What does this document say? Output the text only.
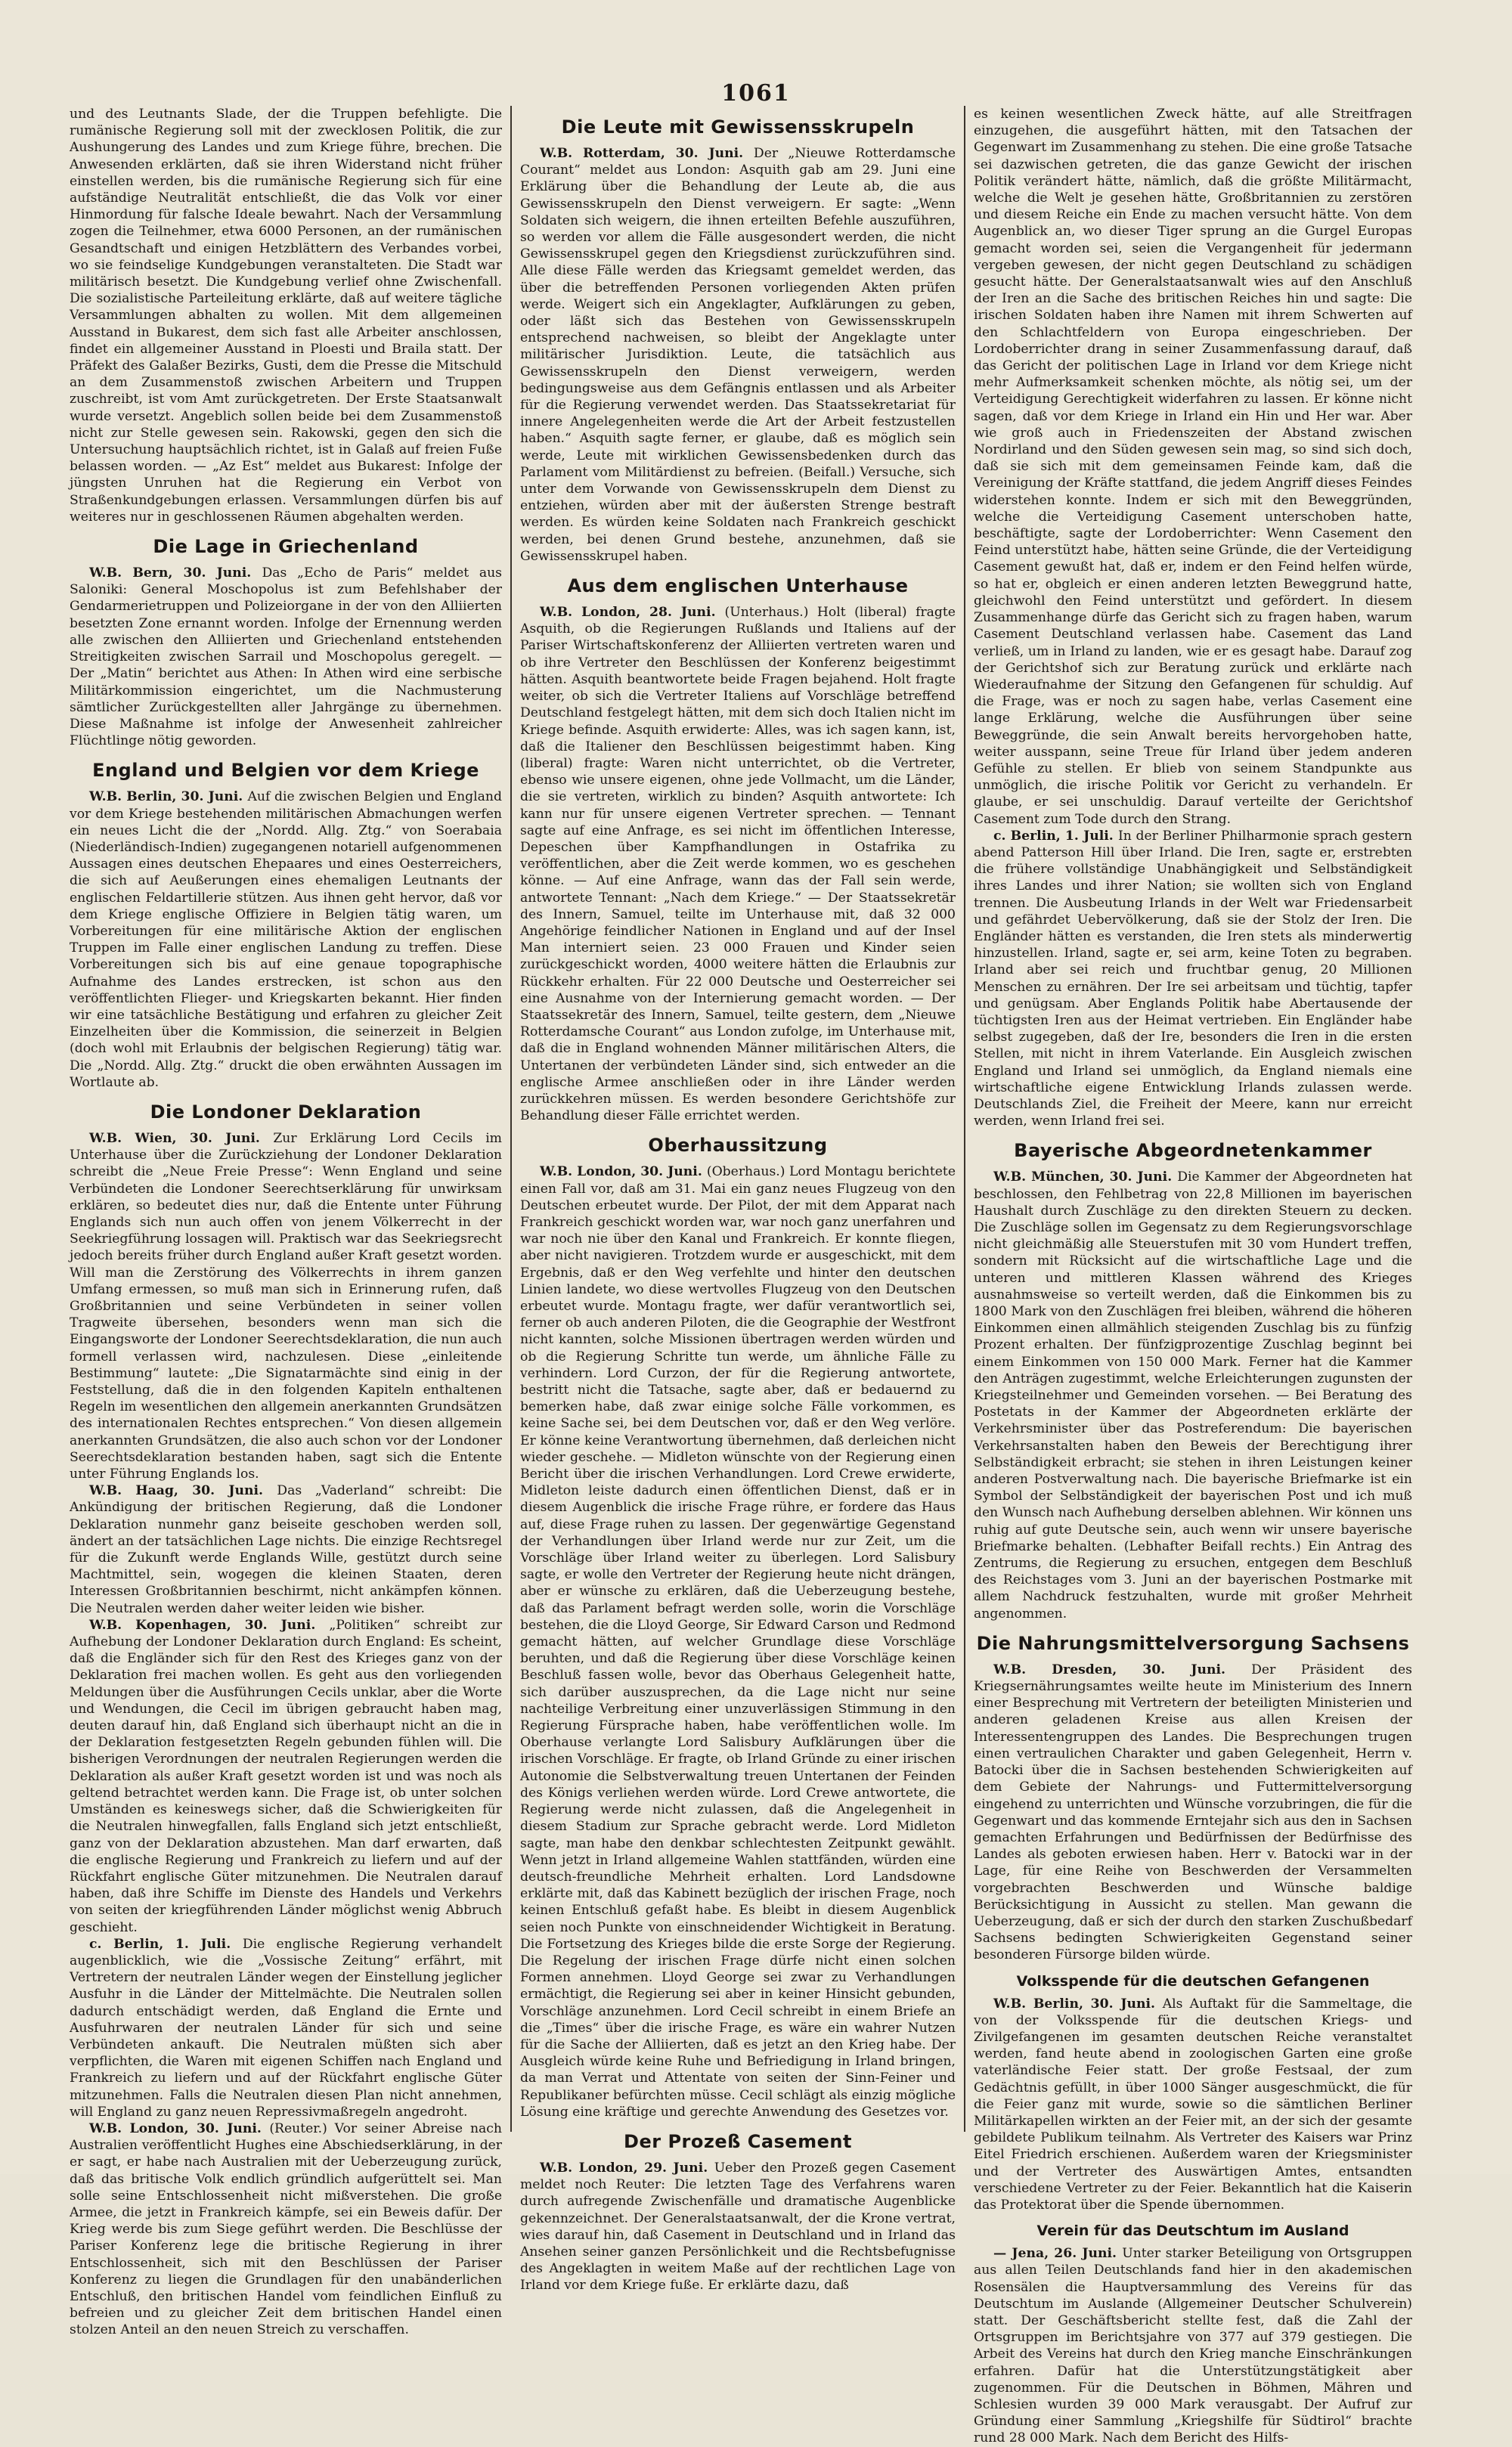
1061

und des Leutnants Slade, der die Truppen befehligte. Die rumänische Regierung soll mit der zwecklosen Politik, die zur Aushungerung des Landes und zum Kriege führe, brechen. Die Anwesenden erklärten, daß sie ihren Widerstand nicht früher einstellen werden, bis die rumänische Regierung sich für eine aufständige Neutralität entschließt, die das Volk vor einer Hinmordung für falsche Ideale bewahrt. Nach der Versammlung zogen die Teilnehmer, etwa 6000 Personen, an der rumänischen Gesandtschaft und einigen Hetzblättern des Verbandes vorbei, wo sie feindselige Kundgebungen veranstalteten. Die Stadt war militärisch besetzt. Die Kundgebung verlief ohne Zwischenfall. Die sozialistische Parteileitung erklärte, daß auf weitere tägliche Versammlungen abhalten zu wollen. Mit dem allgemeinen Ausstand in Bukarest, dem sich fast alle Arbeiter anschlossen, findet ein allgemeiner Ausstand in Ploesti und Braila statt. Der Präfekt des Galaßer Bezirks, Gusti, dem die Presse die Mitschuld an dem Zusammenstoß zwischen Arbeitern und Truppen zuschreibt, ist vom Amt zurückgetreten. Der Erste Staatsanwalt wurde versetzt. Angeblich sollen beide bei dem Zusammenstoß nicht zur Stelle gewesen sein. Rakowski, gegen den sich die Untersuchung hauptsächlich richtet, ist in Galaß auf freien Fuße belassen worden. — „Az Est“ meldet aus Bukarest: Infolge der jüngsten Unruhen hat die Regierung ein Verbot von Straßenkundgebungen erlassen. Versammlungen dürfen bis auf weiteres nur in geschlossenen Räumen abgehalten werden.

Die Lage in Griechenland

W.B. Bern, 30. Juni. Das „Echo de Paris“ meldet aus Saloniki: General Moschopolus ist zum Befehlshaber der Gendarmerietruppen und Polizeiorgane in der von den Alliierten besetzten Zone ernannt worden. Infolge der Ernennung werden alle zwischen den Alliierten und Griechenland entstehenden Streitigkeiten zwischen Sarrail und Moschopolus geregelt. — Der „Matin“ berichtet aus Athen: In Athen wird eine serbische Militärkommission eingerichtet, um die Nachmusterung sämtlicher Zurückgestellten aller Jahrgänge zu übernehmen. Diese Maßnahme ist infolge der Anwesenheit zahlreicher Flüchtlinge nötig geworden.

England und Belgien vor dem Kriege

W.B. Berlin, 30. Juni. Auf die zwischen Belgien und England vor dem Kriege bestehenden militärischen Abmachungen werfen ein neues Licht die der „Nordd. Allg. Ztg.“ von Soerabaia (Niederländisch-Indien) zugegangenen notariell aufgenommenen Aussagen eines deutschen Ehepaares und eines Oesterreichers, die sich auf Aeußerungen eines ehemaligen Leutnants der englischen Feldartillerie stützen. Aus ihnen geht hervor, daß vor dem Kriege englische Offiziere in Belgien tätig waren, um Vorbereitungen für eine militärische Aktion der englischen Truppen im Falle einer englischen Landung zu treffen. Diese Vorbereitungen sich bis auf eine genaue topographische Aufnahme des Landes erstrecken, ist schon aus den veröffentlichten Flieger- und Kriegskarten bekannt. Hier finden wir eine tatsächliche Bestätigung und erfahren zu gleicher Zeit Einzelheiten über die Kommission, die seinerzeit in Belgien (doch wohl mit Erlaubnis der belgischen Regierung) tätig war. Die „Nordd. Allg. Ztg.“ druckt die oben erwähnten Aussagen im Wortlaute ab.

Die Londoner Deklaration

W.B. Wien, 30. Juni. Zur Erklärung Lord Cecils im Unterhause über die Zurückziehung der Londoner Deklaration schreibt die „Neue Freie Presse“: Wenn England und seine Verbündeten die Londoner Seerechtserklärung für unwirksam erklären, so bedeutet dies nur, daß die Entente unter Führung Englands sich nun auch offen von jenem Völkerrecht in der Seekriegführung lossagen will. Praktisch war das Seekriegsrecht jedoch bereits früher durch England außer Kraft gesetzt worden. Will man die Zerstörung des Völkerrechts in ihrem ganzen Umfang ermessen, so muß man sich in Erinnerung rufen, daß Großbritannien und seine Verbündeten in seiner vollen Tragweite übersehen, besonders wenn man sich die Eingangsworte der Londoner Seerechtsdeklaration, die nun auch formell verlassen wird, nachzulesen. Diese „einleitende Bestimmung“ lautete: „Die Signatarmächte sind einig in der Feststellung, daß die in den folgenden Kapiteln enthaltenen Regeln im wesentlichen den allgemein anerkannten Grundsätzen des internationalen Rechtes entsprechen.“ Von diesen allgemein anerkannten Grundsätzen, die also auch schon vor der Londoner Seerechtsdeklaration bestanden haben, sagt sich die Entente unter Führung Englands los.

W.B. Haag, 30. Juni. Das „Vaderland“ schreibt: Die Ankündigung der britischen Regierung, daß die Londoner Deklaration nunmehr ganz beiseite geschoben werden soll, ändert an der tatsächlichen Lage nichts. Die einzige Rechtsregel für die Zukunft werde Englands Wille, gestützt durch seine Machtmittel, sein, wogegen die kleinen Staaten, deren Interessen Großbritannien beschirmt, nicht ankämpfen können. Die Neutralen werden daher weiter leiden wie bisher.

W.B. Kopenhagen, 30. Juni. „Politiken“ schreibt zur Aufhebung der Londoner Deklaration durch England: Es scheint, daß die Engländer sich für den Rest des Krieges ganz von der Deklaration frei machen wollen. Es geht aus den vorliegenden Meldungen über die Ausführungen Cecils unklar, aber die Worte und Wendungen, die Cecil im übrigen gebraucht haben mag, deuten darauf hin, daß England sich überhaupt nicht an die in der Deklaration festgesetzten Regeln gebunden fühlen will. Die bisherigen Verordnungen der neutralen Regierungen werden die Deklaration als außer Kraft gesetzt worden ist und was noch als geltend betrachtet werden kann. Die Frage ist, ob unter solchen Umständen es keineswegs sicher, daß die Schwierigkeiten für die Neutralen hinwegfallen, falls England sich jetzt entschließt, ganz von der Deklaration abzustehen. Man darf erwarten, daß die englische Regierung und Frankreich zu liefern und auf der Rückfahrt englische Güter mitzunehmen. Die Neutralen darauf haben, daß ihre Schiffe im Dienste des Handels und Verkehrs von seiten der kriegführenden Länder möglichst wenig Abbruch geschieht.

c. Berlin, 1. Juli. Die englische Regierung verhandelt augenblicklich, wie die „Vossische Zeitung“ erfährt, mit Vertretern der neutralen Länder wegen der Einstellung jeglicher Ausfuhr in die Länder der Mittelmächte. Die Neutralen sollen dadurch entschädigt werden, daß England die Ernte und Ausfuhrwaren der neutralen Länder für sich und seine Verbündeten ankauft. Die Neutralen müßten sich aber verpflichten, die Waren mit eigenen Schiffen nach England und Frankreich zu liefern und auf der Rückfahrt englische Güter mitzunehmen. Falls die Neutralen diesen Plan nicht annehmen, will England zu ganz neuen Repressivmaßregeln angedroht.

W.B. London, 30. Juni. (Reuter.) Vor seiner Abreise nach Australien veröffentlicht Hughes eine Abschiedserklärung, in der er sagt, er habe nach Australien mit der Ueberzeugung zurück, daß das britische Volk endlich gründlich aufgerüttelt sei. Man solle seine Entschlossenheit nicht mißverstehen. Die große Armee, die jetzt in Frankreich kämpfe, sei ein Beweis dafür. Der Krieg werde bis zum Siege geführt werden. Die Beschlüsse der Pariser Konferenz lege die britische Regierung in ihrer Entschlossenheit, sich mit den Beschlüssen der Pariser Konferenz zu liegen die Grundlagen für den unabänderlichen Entschluß, den britischen Handel vom feindlichen Einfluß zu befreien und zu gleicher Zeit dem britischen Handel einen stolzen Anteil an den neuen Streich zu verschaffen.

Die Leute mit Gewissensskrupeln

W.B. Rotterdam, 30. Juni. Der „Nieuwe Rotterdamsche Courant“ meldet aus London: Asquith gab am 29. Juni eine Erklärung über die Behandlung der Leute ab, die aus Gewissensskrupeln den Dienst verweigern. Er sagte: „Wenn Soldaten sich weigern, die ihnen erteilten Befehle auszuführen, so werden vor allem die Fälle ausgesondert werden, die nicht Gewissensskrupel gegen den Kriegsdienst zurückzuführen sind. Alle diese Fälle werden das Kriegsamt gemeldet werden, das über die betreffenden Personen vorliegenden Akten prüfen werde. Weigert sich ein Angeklagter, Aufklärungen zu geben, oder läßt sich das Bestehen von Gewissensskrupeln entsprechend nachweisen, so bleibt der Angeklagte unter militärischer Jurisdiktion. Leute, die tatsächlich aus Gewissensskrupeln den Dienst verweigern, werden bedingungsweise aus dem Gefängnis entlassen und als Arbeiter für die Regierung verwendet werden. Das Staatssekretariat für innere Angelegenheiten werde die Art der Arbeit festzustellen haben.“ Asquith sagte ferner, er glaube, daß es möglich sein werde, Leute mit wirklichen Gewissensbedenken durch das Parlament vom Militärdienst zu befreien. (Beifall.) Versuche, sich unter dem Vorwande von Gewissensskrupeln dem Dienst zu entziehen, würden aber mit der äußersten Strenge bestraft werden. Es würden keine Soldaten nach Frankreich geschickt werden, bei denen Grund bestehe, anzunehmen, daß sie Gewissensskrupel haben.

Aus dem englischen Unterhause

W.B. London, 28. Juni. (Unterhaus.) Holt (liberal) fragte Asquith, ob die Regierungen Rußlands und Italiens auf der Pariser Wirtschaftskonferenz der Alliierten vertreten waren und ob ihre Vertreter den Beschlüssen der Konferenz beigestimmt hätten. Asquith beantwortete beide Fragen bejahend. Holt fragte weiter, ob sich die Vertreter Italiens auf Vorschläge betreffend Deutschland festgelegt hätten, mit dem sich doch Italien nicht im Kriege befinde. Asquith erwiderte: Alles, was ich sagen kann, ist, daß die Italiener den Beschlüssen beigestimmt haben. King (liberal) fragte: Waren nicht unterrichtet, ob die Vertreter, ebenso wie unsere eigenen, ohne jede Vollmacht, um die Länder, die sie vertreten, wirklich zu binden? Asquith antwortete: Ich kann nur für unsere eigenen Vertreter sprechen. — Tennant sagte auf eine Anfrage, es sei nicht im öffentlichen Interesse, Depeschen über Kampfhandlungen in Ostafrika zu veröffentlichen, aber die Zeit werde kommen, wo es geschehen könne. — Auf eine Anfrage, wann das der Fall sein werde, antwortete Tennant: „Nach dem Kriege.“ — Der Staatssekretär des Innern, Samuel, teilte im Unterhause mit, daß 32 000 Angehörige feindlicher Nationen in England und auf der Insel Man interniert seien. 23 000 Frauen und Kinder seien zurückgeschickt worden, 4000 weitere hätten die Erlaubnis zur Rückkehr erhalten. Für 22 000 Deutsche und Oesterreicher sei eine Ausnahme von der Internierung gemacht worden. — Der Staatssekretär des Innern, Samuel, teilte gestern, dem „Nieuwe Rotterdamsche Courant“ aus London zufolge, im Unterhause mit, daß die in England wohnenden Männer militärischen Alters, die Untertanen der verbündeten Länder sind, sich entweder an die englische Armee anschließen oder in ihre Länder werden zurückkehren müssen. Es werden besondere Gerichtshöfe zur Behandlung dieser Fälle errichtet werden.

Oberhaussitzung

W.B. London, 30. Juni. (Oberhaus.) Lord Montagu berichtete einen Fall vor, daß am 31. Mai ein ganz neues Flugzeug von den Deutschen erbeutet wurde. Der Pilot, der mit dem Apparat nach Frankreich geschickt worden war, war noch ganz unerfahren und war noch nie über den Kanal und Frankreich. Er konnte fliegen, aber nicht navigieren. Trotzdem wurde er ausgeschickt, mit dem Ergebnis, daß er den Weg verfehlte und hinter den deutschen Linien landete, wo diese wertvolles Flugzeug von den Deutschen erbeutet wurde. Montagu fragte, wer dafür verantwortlich sei, ferner ob auch anderen Piloten, die die Geographie der Westfront nicht kannten, solche Missionen übertragen werden würden und ob die Regierung Schritte tun werde, um ähnliche Fälle zu verhindern. Lord Curzon, der für die Regierung antwortete, bestritt nicht die Tatsache, sagte aber, daß er bedauernd zu bemerken habe, daß zwar einige solche Fälle vorkommen, es keine Sache sei, bei dem Deutschen vor, daß er den Weg verlöre. Er könne keine Verantwortung übernehmen, daß derleichen nicht wieder geschehe. — Midleton wünschte von der Regierung einen Bericht über die irischen Verhandlungen. Lord Crewe erwiderte, Midleton leiste dadurch einen öffentlichen Dienst, daß er in diesem Augenblick die irische Frage rühre, er fordere das Haus auf, diese Frage ruhen zu lassen. Der gegenwärtige Gegenstand der Verhandlungen über Irland werde nur zur Zeit, um die Vorschläge über Irland weiter zu überlegen. Lord Salisbury sagte, er wolle den Vertreter der Regierung heute nicht drängen, aber er wünsche zu erklären, daß die Ueberzeugung bestehe, daß das Parlament befragt werden solle, worin die Vorschläge bestehen, die die Lloyd George, Sir Edward Carson und Redmond gemacht hätten, auf welcher Grundlage diese Vorschläge beruhten, und daß die Regierung über diese Vorschläge keinen Beschluß fassen wolle, bevor das Oberhaus Gelegenheit hatte, sich darüber auszusprechen, da die Lage nicht nur seine nachteilige Verbreitung einer unzuverlässigen Stimmung in den Regierung Fürsprache haben, habe veröffentlichen wolle. Im Oberhause verlangte Lord Salisbury Aufklärungen über die irischen Vorschläge. Er fragte, ob Irland Gründe zu einer irischen Autonomie die Selbstverwaltung treuen Untertanen der Feinden des Königs verliehen werden würde. Lord Crewe antwortete, die Regierung werde nicht zulassen, daß die Angelegenheit in diesem Stadium zur Sprache gebracht werde. Lord Midleton sagte, man habe den denkbar schlechtesten Zeitpunkt gewählt. Wenn jetzt in Irland allgemeine Wahlen stattfänden, würden eine deutsch-freundliche Mehrheit erhalten. Lord Landsdowne erklärte mit, daß das Kabinett bezüglich der irischen Frage, noch keinen Entschluß gefaßt habe. Es bleibt in diesem Augenblick seien noch Punkte von einschneidender Wichtigkeit in Beratung. Die Fortsetzung des Krieges bilde die erste Sorge der Regierung. Die Regelung der irischen Frage dürfe nicht einen solchen Formen annehmen. Lloyd George sei zwar zu Verhandlungen ermächtigt, die Regierung sei aber in keiner Hinsicht gebunden, Vorschläge anzunehmen. Lord Cecil schreibt in einem Briefe an die „Times“ über die irische Frage, es wäre ein wahrer Nutzen für die Sache der Alliierten, daß es jetzt an den Krieg habe. Der Ausgleich würde keine Ruhe und Befriedigung in Irland bringen, da man Verrat und Attentate von seiten der Sinn-Feiner und Republikaner befürchten müsse. Cecil schlägt als einzig mögliche Lösung eine kräftige und gerechte Anwendung des Gesetzes vor.

Der Prozeß Casement

W.B. London, 29. Juni. Ueber den Prozeß gegen Casement meldet noch Reuter: Die letzten Tage des Verfahrens waren durch aufregende Zwischenfälle und dramatische Augenblicke gekennzeichnet. Der Generalstaatsanwalt, der die Krone vertrat, wies darauf hin, daß Casement in Deutschland und in Irland das Ansehen seiner ganzen Persönlichkeit und die Rechtsbefugnisse des Angeklagten in weitem Maße auf der rechtlichen Lage von Irland vor dem Kriege fuße. Er erklärte dazu, daß

es keinen wesentlichen Zweck hätte, auf alle Streitfragen einzugehen, die ausgeführt hätten, mit den Tatsachen der Gegenwart im Zusammenhang zu stehen. Die eine große Tatsache sei dazwischen getreten, die das ganze Gewicht der irischen Politik verändert hätte, nämlich, daß die größte Militärmacht, welche die Welt je gesehen hätte, Großbritannien zu zerstören und diesem Reiche ein Ende zu machen versucht hätte. Von dem Augenblick an, wo dieser Tiger sprung an die Gurgel Europas gemacht worden sei, seien die Vergangenheit für jedermann vergeben gewesen, der nicht gegen Deutschland zu schädigen gesucht hätte. Der Generalstaatsanwalt wies auf den Anschluß der Iren an die Sache des britischen Reiches hin und sagte: Die irischen Soldaten haben ihre Namen mit ihrem Schwerten auf den Schlachtfeldern von Europa eingeschrieben. Der Lordoberrichter drang in seiner Zusammenfassung darauf, daß das Gericht der politischen Lage in Irland vor dem Kriege nicht mehr Aufmerksamkeit schenken möchte, als nötig sei, um der Verteidigung Gerechtigkeit widerfahren zu lassen. Er könne nicht sagen, daß vor dem Kriege in Irland ein Hin und Her war. Aber wie groß auch in Friedenszeiten der Abstand zwischen Nordirland und den Süden gewesen sein mag, so sind sich doch, daß sie sich mit dem gemeinsamen Feinde kam, daß die Vereinigung der Kräfte stattfand, die jedem Angriff dieses Feindes widerstehen konnte. Indem er sich mit den Beweggründen, welche die Verteidigung Casement unterschoben hatte, beschäftigte, sagte der Lordoberrichter: Wenn Casement den Feind unterstützt habe, hätten seine Gründe, die der Verteidigung Casement gewußt hat, daß er, indem er den Feind helfen würde, so hat er, obgleich er einen anderen letzten Beweggrund hatte, gleichwohl den Feind unterstützt und gefördert. In diesem Zusammenhange dürfe das Gericht sich zu fragen haben, warum Casement Deutschland verlassen habe. Casement das Land verließ, um in Irland zu landen, wie er es gesagt habe. Darauf zog der Gerichtshof sich zur Beratung zurück und erklärte nach Wiederaufnahme der Sitzung den Gefangenen für schuldig. Auf die Frage, was er noch zu sagen habe, verlas Casement eine lange Erklärung, welche die Ausführungen über seine Beweggründe, die sein Anwalt bereits hervorgehoben hatte, weiter ausspann, seine Treue für Irland über jedem anderen Gefühle zu stellen. Er blieb von seinem Standpunkte aus unmöglich, die irische Politik vor Gericht zu verhandeln. Er glaube, er sei unschuldig. Darauf verteilte der Gerichtshof Casement zum Tode durch den Strang.

c. Berlin, 1. Juli. In der Berliner Philharmonie sprach gestern abend Patterson Hill über Irland. Die Iren, sagte er, erstrebten die frühere vollständige Unabhängigkeit und Selbständigkeit ihres Landes und ihrer Nation; sie wollten sich von England trennen. Die Ausbeutung Irlands in der Welt war Friedensarbeit und gefährdet Uebervölkerung, daß sie der Stolz der Iren. Die Engländer hätten es verstanden, die Iren stets als minderwertig hinzustellen. Irland, sagte er, sei arm, keine Toten zu begraben. Irland aber sei reich und fruchtbar genug, 20 Millionen Menschen zu ernähren. Der Ire sei arbeitsam und tüchtig, tapfer und genügsam. Aber Englands Politik habe Abertausende der tüchtigsten Iren aus der Heimat vertrieben. Ein Engländer habe selbst zugegeben, daß der Ire, besonders die Iren in die ersten Stellen, mit nicht in ihrem Vaterlande. Ein Ausgleich zwischen England und Irland sei unmöglich, da England niemals eine wirtschaftliche eigene Entwicklung Irlands zulassen werde. Deutschlands Ziel, die Freiheit der Meere, kann nur erreicht werden, wenn Irland frei sei.

Bayerische Abgeordnetenkammer

W.B. München, 30. Juni. Die Kammer der Abgeordneten hat beschlossen, den Fehlbetrag von 22,8 Millionen im bayerischen Haushalt durch Zuschläge zu den direkten Steuern zu decken. Die Zuschläge sollen im Gegensatz zu dem Regierungsvorschlage nicht gleichmäßig alle Steuerstufen mit 30 vom Hundert treffen, sondern mit Rücksicht auf die wirtschaftliche Lage und die unteren und mittleren Klassen während des Krieges ausnahmsweise so verteilt werden, daß die Einkommen bis zu 1800 Mark von den Zuschlägen frei bleiben, während die höheren Einkommen einen allmählich steigenden Zuschlag bis zu fünfzig Prozent erhalten. Der fünfzigprozentige Zuschlag beginnt bei einem Einkommen von 150 000 Mark. Ferner hat die Kammer den Anträgen zugestimmt, welche Erleichterungen zugunsten der Kriegsteilnehmer und Gemeinden vorsehen. — Bei Beratung des Postetats in der Kammer der Abgeordneten erklärte der Verkehrsminister über das Postreferendum: Die bayerischen Verkehrsanstalten haben den Beweis der Berechtigung ihrer Selbständigkeit erbracht; sie stehen in ihren Leistungen keiner anderen Postverwaltung nach. Die bayerische Briefmarke ist ein Symbol der Selbständigkeit der bayerischen Post und ich muß den Wunsch nach Aufhebung derselben ablehnen. Wir können uns ruhig auf gute Deutsche sein, auch wenn wir unsere bayerische Briefmarke behalten. (Lebhafter Beifall rechts.) Ein Antrag des Zentrums, die Regierung zu ersuchen, entgegen dem Beschluß des Reichstages vom 3. Juni an der bayerischen Postmarke mit allem Nachdruck festzuhalten, wurde mit großer Mehrheit angenommen.

Die Nahrungsmittelversorgung Sachsens

W.B. Dresden, 30. Juni. Der Präsident des Kriegsernährungsamtes weilte heute im Ministerium des Innern einer Besprechung mit Vertretern der beteiligten Ministerien und anderen geladenen Kreise aus allen Kreisen der Interessentengruppen des Landes. Die Besprechungen trugen einen vertraulichen Charakter und gaben Gelegenheit, Herrn v. Batocki über die in Sachsen bestehenden Schwierigkeiten auf dem Gebiete der Nahrungs- und Futtermittelversorgung eingehend zu unterrichten und Wünsche vorzubringen, die für die Gegenwart und das kommende Erntejahr sich aus den in Sachsen gemachten Erfahrungen und Bedürfnissen der Bedürfnisse des Landes als geboten erwiesen haben. Herr v. Batocki war in der Lage, für eine Reihe von Beschwerden der Versammelten vorgebrachten Beschwerden und Wünsche baldige Berücksichtigung in Aussicht zu stellen. Man gewann die Ueberzeugung, daß er sich der durch den starken Zuschußbedarf Sachsens bedingten Schwierigkeiten Gegenstand seiner besonderen Fürsorge bilden würde.

Volksspende für die deutschen Gefangenen

W.B. Berlin, 30. Juni. Als Auftakt für die Sammeltage, die von der Volksspende für die deutschen Kriegs- und Zivilgefangenen im gesamten deutschen Reiche veranstaltet werden, fand heute abend in zoologischen Garten eine große vaterländische Feier statt. Der große Festsaal, der zum Gedächtnis gefüllt, in über 1000 Sänger ausgeschmückt, die für die Feier ganz mit wurde, sowie so die sämtlichen Berliner Militärkapellen wirkten an der Feier mit, an der sich der gesamte gebildete Publikum teilnahm. Als Vertreter des Kaisers war Prinz Eitel Friedrich erschienen. Außerdem waren der Kriegsminister und der Vertreter des Auswärtigen Amtes, entsandten verschiedene Vertreter zu der Feier. Bekanntlich hat die Kaiserin das Protektorat über die Spende übernommen.

Verein für das Deutschtum im Ausland

— Jena, 26. Juni. Unter starker Beteiligung von Ortsgruppen aus allen Teilen Deutschlands fand hier in den akademischen Rosensälen die Hauptversammlung des Vereins für das Deutschtum im Auslande (Allgemeiner Deutscher Schulverein) statt. Der Geschäftsbericht stellte fest, daß die Zahl der Ortsgruppen im Berichtsjahre von 377 auf 379 gestiegen. Die Arbeit des Vereins hat durch den Krieg manche Einschränkungen erfahren. Dafür hat die Unterstützungstätigkeit aber zugenommen. Für die Deutschen in Böhmen, Mähren und Schlesien wurden 39 000 Mark verausgabt. Der Aufruf zur Gründung einer Sammlung „Kriegshilfe für Südtirol“ brachte rund 28 000 Mark. Nach dem Bericht des Hilfs-
